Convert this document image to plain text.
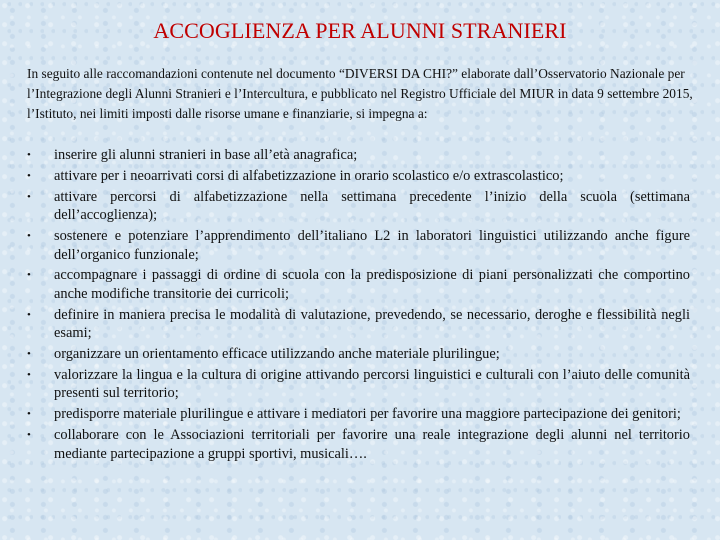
ACCOGLIENZA PER ALUNNI STRANIERI

In seguito alle raccomandazioni contenute nel documento “DIVERSI DA CHI?” elaborate dall’Osservatorio Nazionale per l’Integrazione degli Alunni Stranieri e l’Intercultura, e pubblicato nel Registro Ufficiale del MIUR in data 9 settembre 2015, l’Istituto, nei limiti imposti dalle risorse umane e finanziarie, si impegna a:

• inserire gli alunni stranieri in base all’età anagrafica;
• attivare per i neoarrivati corsi di alfabetizzazione in orario scolastico e/o extrascolastico;
• attivare percorsi di alfabetizzazione nella settimana precedente l’inizio della scuola (settimana dell’accoglienza);
• sostenere e potenziare l’apprendimento dell’italiano L2 in laboratori linguistici utilizzando anche figure dell’organico funzionale;
• accompagnare i passaggi di ordine di scuola con la predisposizione di piani personalizzati che comportino anche modifiche transitorie dei curricoli;
• definire in maniera precisa le modalità di valutazione, prevedendo, se necessario, deroghe e flessibilità negli esami;
• organizzare un orientamento efficace utilizzando anche materiale plurilingue;
• valorizzare la lingua e la cultura di origine attivando percorsi linguistici e culturali con l’aiuto delle comunità presenti sul territorio;
• predisporre materiale plurilingue e attivare i mediatori per favorire una maggiore partecipazione dei genitori;
• collaborare con le Associazioni territoriali per favorire una reale integrazione degli alunni nel territorio mediante partecipazione a gruppi sportivi, musicali….
